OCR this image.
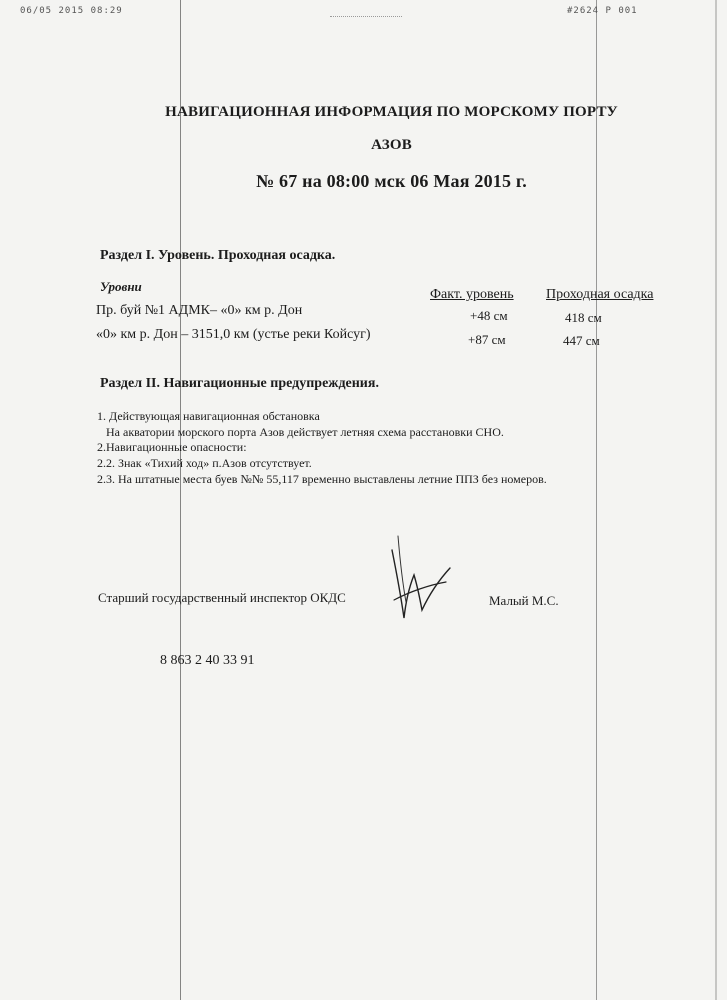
06/05 2015 08:29	#2624 P 001
НАВИГАЦИОННАЯ ИНФОРМАЦИЯ ПО МОРСКОМУ ПОРТУ
АЗОВ
№ 67 на 08:00 мск 06 Мая 2015 г.
Раздел I. Уровень. Проходная осадка.
Уровни
Факт. уровень Проходная осадка
Пр. буй №1 АДМК– «0» км р. Дон	+48 см	418 см
«0» км р. Дон – 3151,0 км (устье реки Койсуг)	+87 см	447 см
Раздел II. Навигационные предупреждения.
1. Действующая навигационная обстановка
На акватории морского порта Азов действует летняя схема расстановки СНО.
2.Навигационные опасности:
2.2. Знак «Тихий ход» п.Азов отсутствует.
2.3. На штатные места буев №№ 55,117 временно выставлены летние ППЗ без номеров.
Старший государственный инспектор ОКДС	Малый М.С.
8 863 2 40 33 91
